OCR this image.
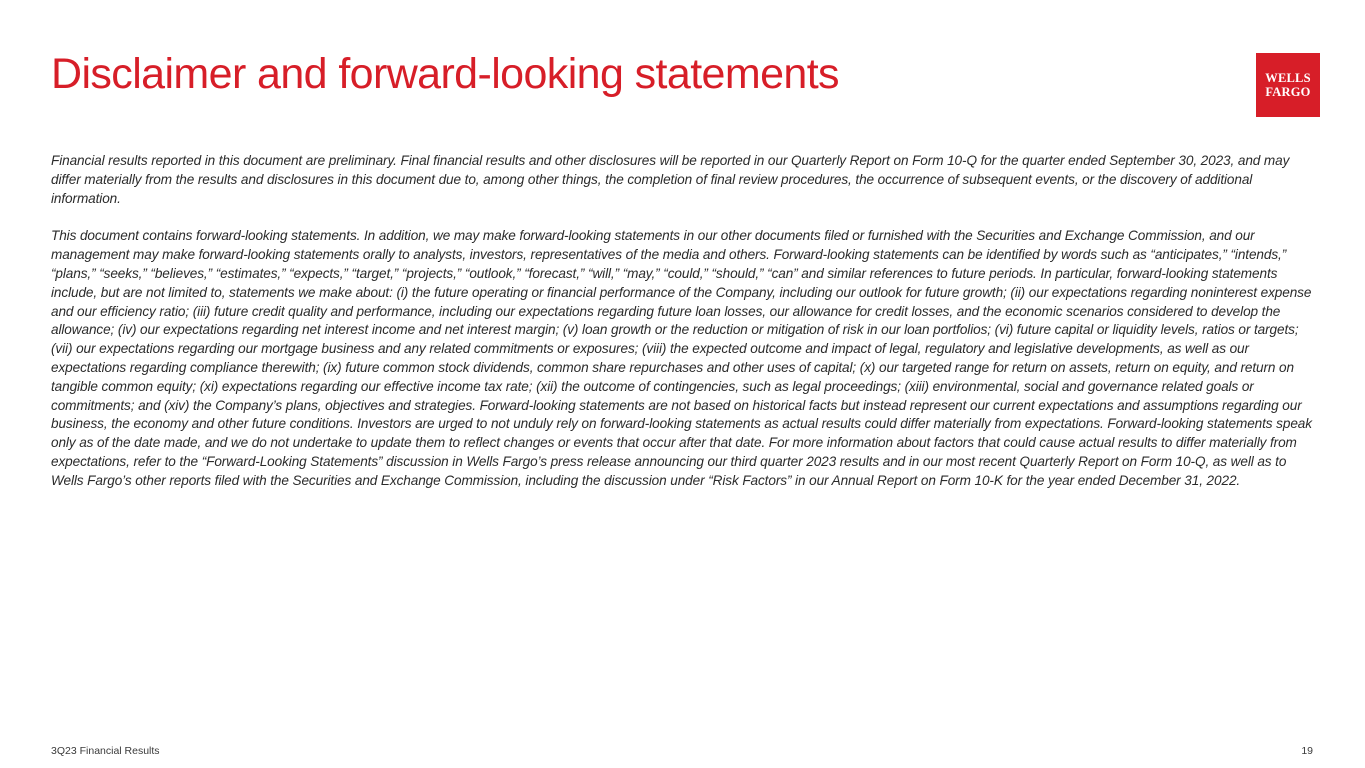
Disclaimer and forward-looking statements	WELLS
FARGO

Financial results reported in this document are preliminary. Final financial results and other disclosures will be reported in our Quarterly Report on Form 10-Q for the quarter ended September 30, 2023, and may differ materially from the results and disclosures in this document due to, among other things, the completion of final review procedures, the occurrence of subsequent events, or the discovery of additional information.

This document contains forward-looking statements. In addition, we may make forward-looking statements in our other documents filed or furnished with the Securities and Exchange Commission, and our management may make forward-looking statements orally to analysts, investors, representatives of the media and others. Forward-looking statements can be identified by words such as “anticipates,” “intends,” “plans,” “seeks,” “believes,” “estimates,” “expects,” “target,” “projects,” “outlook,” “forecast,” “will,” “may,” “could,” “should,” “can” and similar references to future periods. In particular, forward-looking statements include, but are not limited to, statements we make about: (i) the future operating or financial performance of the Company, including our outlook for future growth; (ii) our expectations regarding noninterest expense and our efficiency ratio; (iii) future credit quality and performance, including our expectations regarding future loan losses, our allowance for credit losses, and the economic scenarios considered to develop the allowance; (iv) our expectations regarding net interest income and net interest margin; (v) loan growth or the reduction or mitigation of risk in our loan portfolios; (vi) future capital or liquidity levels, ratios or targets; (vii) our expectations regarding our mortgage business and any related commitments or exposures; (viii) the expected outcome and impact of legal, regulatory and legislative developments, as well as our expectations regarding compliance therewith; (ix) future common stock dividends, common share repurchases and other uses of capital; (x) our targeted range for return on assets, return on equity, and return on tangible common equity; (xi) expectations regarding our effective income tax rate; (xii) the outcome of contingencies, such as legal proceedings; (xiii) environmental, social and governance related goals or commitments; and (xiv) the Company’s plans, objectives and strategies. Forward-looking statements are not based on historical facts but instead represent our current expectations and assumptions regarding our business, the economy and other future conditions. Investors are urged to not unduly rely on forward-looking statements as actual results could differ materially from expectations. Forward-looking statements speak only as of the date made, and we do not undertake to update them to reflect changes or events that occur after that date. For more information about factors that could cause actual results to differ materially from expectations, refer to the “Forward-Looking Statements” discussion in Wells Fargo’s press release announcing our third quarter 2023 results and in our most recent Quarterly Report on Form 10-Q, as well as to Wells Fargo’s other reports filed with the Securities and Exchange Commission, including the discussion under “Risk Factors” in our Annual Report on Form 10-K for the year ended December 31, 2022.

3Q23 Financial Results	19
